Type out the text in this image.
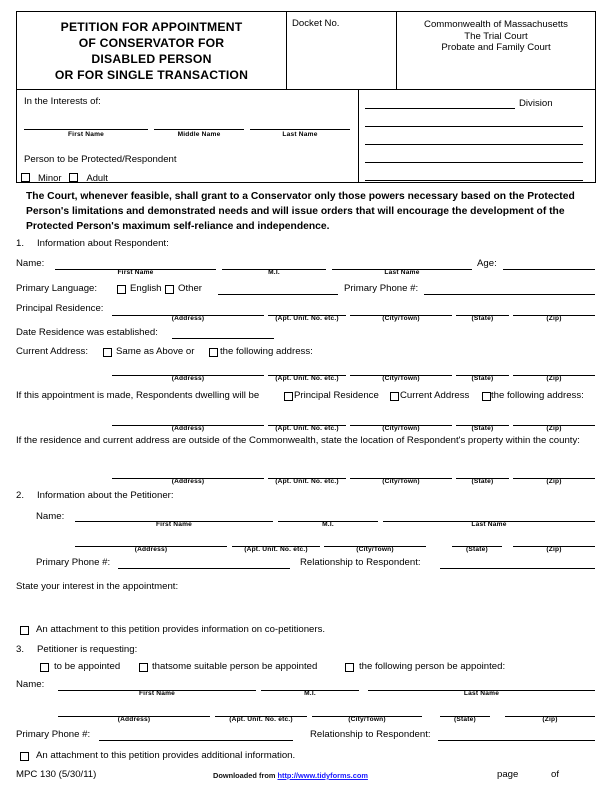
PETITION FOR APPOINTMENT
OF CONSERVATOR FOR
DISABLED PERSON
OR FOR SINGLE TRANSACTION
Docket No.	Commonwealth of Massachusetts
The Trial Court
Probate and Family Court
In the Interests of:
First Name	Middle Name	Last Name
Person to be Protected/Respondent
Minor	Adult
Division
The Court, whenever feasible, shall grant to a Conservator only those powers necessary based on the Protected Person's limitations and demonstrated needs and will issue orders that will encourage the development of the Protected Person's maximum self-reliance and independence.
1. Information about Respondent:
Name:
First Name	M.I.	Last Name
Age:
Primary Language:	English Other	Primary Phone #:
Principal Residence:
(Address)	(Apt. Unit. No. etc.)	(City/Town)	(State)	(Zip)
Date Residence was established:
Current Address:	Same as Above or	the following address:
(Address)	(Apt. Unit. No. etc.)	(City/Town)	(State)	(Zip)
If this appointment is made, Respondents dwelling will be	Principal Residence Current Address the following address:
(Address)	(Apt. Unit. No. etc.)	(City/Town)	(State)	(Zip)
If the residence and current address are outside of the Commonwealth, state the location of Respondent's property within the county:
(Address)	(Apt. Unit. No. etc.)	(City/Town)	(State)	(Zip)
2. Information about the Petitioner:
Name:
First Name	M.I.	Last Name
(Address)	(Apt. Unit. No. etc.)	(City/Town)	(State)	(Zip)
Primary Phone #:	Relationship to Respondent:
State your interest in the appointment:
An attachment to this petition provides information on co-petitioners.
3. Petitioner is requesting:
to be appointed	thatsome suitable person be appointed	the following person be appointed:
Name:
First Name	M.I.	Last Name
(Address)	(Apt. Unit. No. etc.)	(City/Town)	(State)	(Zip)
Primary Phone #:	Relationship to Respondent:
An attachment to this petition provides additional information.
MPC 130 (5/30/11)	Downloaded from http://www.tidyforms.com	page	of
